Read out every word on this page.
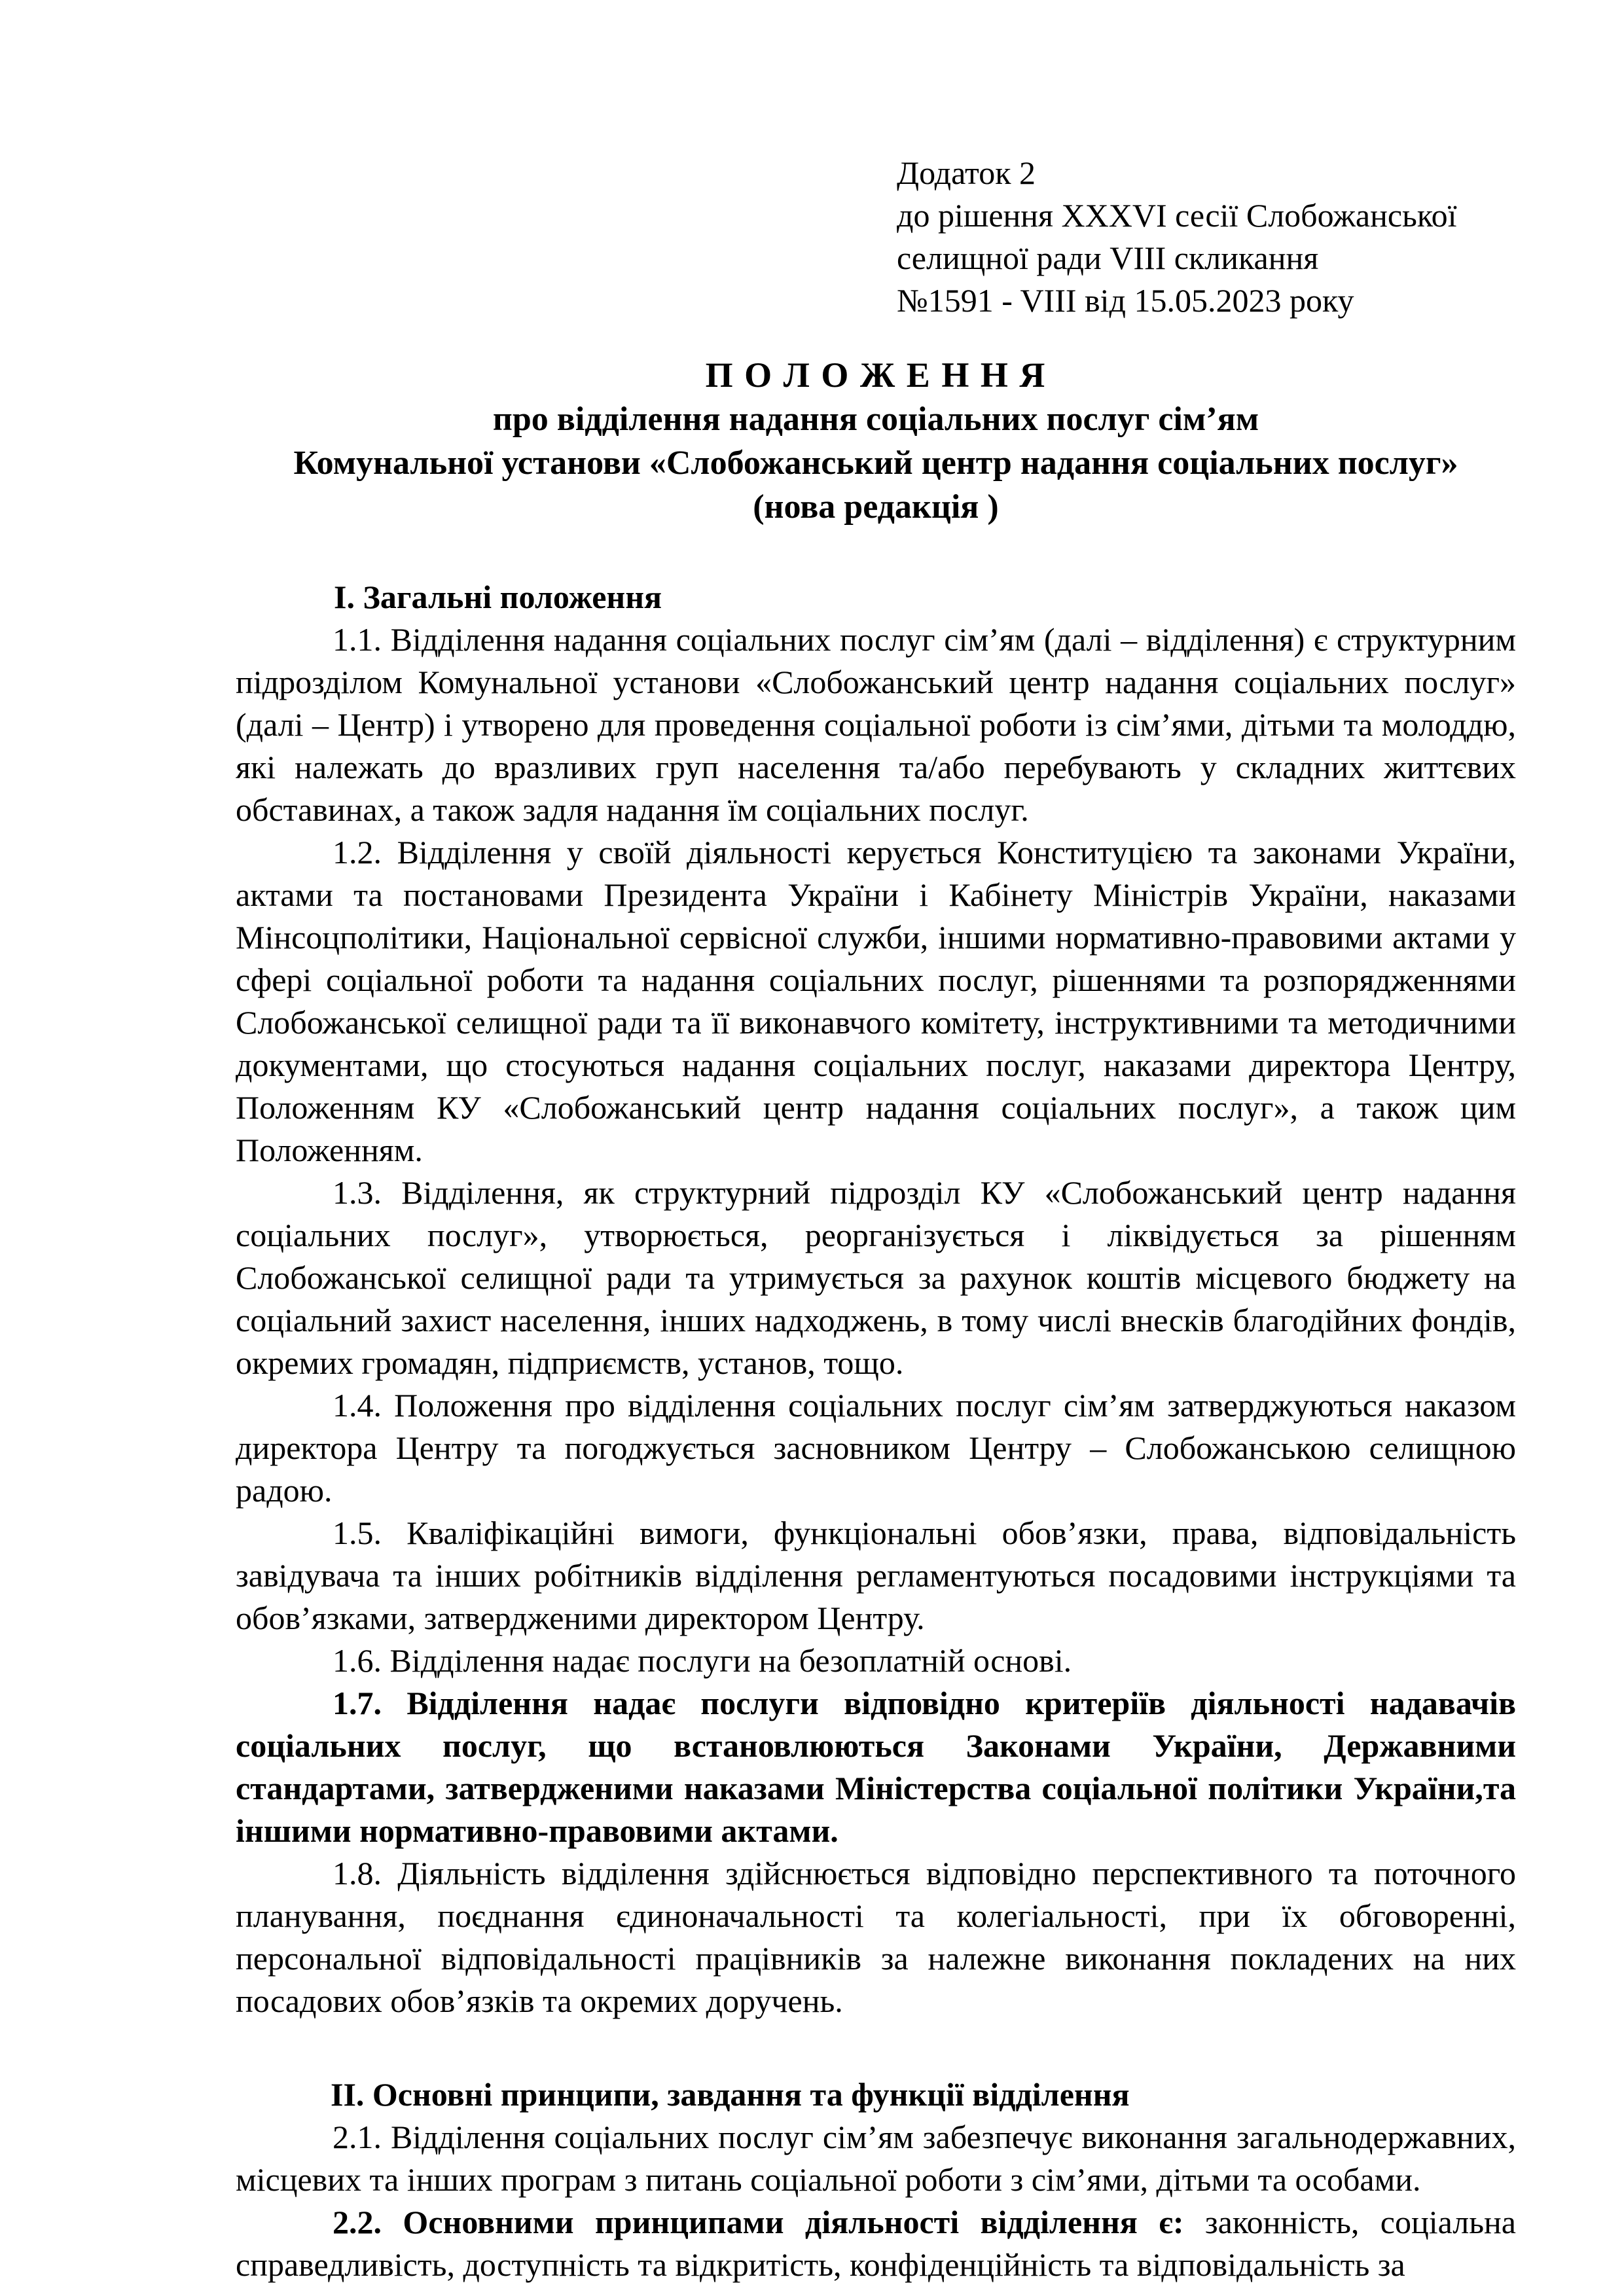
Додаток 2
до рішення XXXVI сесії Слобожанської
селищної ради VIII скликання
№1591 - VIII від 15.05.2023 року
П О Л О Ж Е Н Н Я
про відділення надання соціальних послуг сім’ям
Комунальної установи «Слобожанський центр надання соціальних послуг»
(нова редакція )
I. Загальні положення

1.1. Відділення надання соціальних послуг сім’ям (далі – відділення) є структурним підрозділом Комунальної установи «Слобожанський центр надання соціальних послуг» (далі – Центр) і утворено для проведення соціальної роботи із сім’ями, дітьми та молоддю, які належать до вразливих груп населення та/або перебувають у складних життєвих обставинах, а також задля надання їм соціальних послуг.

1.2. Відділення у своїй діяльності керується Конституцією та законами України, актами та постановами Президента України і Кабінету Міністрів України, наказами Мінсоцполітики, Національної сервісної служби, іншими нормативно-правовими актами у сфері соціальної роботи та надання соціальних послуг, рішеннями та розпорядженнями Слобожанської селищної ради та її виконавчого комітету, інструктивними та методичними документами, що стосуються надання соціальних послуг, наказами директора Центру, Положенням КУ «Слобожанський центр надання соціальних послуг», а також цим Положенням.

1.3. Відділення, як структурний підрозділ КУ «Слобожанський центр надання соціальних послуг», утворюється, реорганізується і ліквідується за рішенням Слобожанської селищної ради та утримується за рахунок коштів місцевого бюджету на соціальний захист населення, інших надходжень, в тому числі внесків благодійних фондів, окремих громадян, підприємств, установ, тощо.

1.4. Положення про відділення соціальних послуг сім’ям затверджуються наказом директора Центру та погоджується засновником Центру – Слобожанською селищною радою.

1.5. Кваліфікаційні вимоги, функціональні обов’язки, права, відповідальність завідувача та інших робітників відділення регламентуються посадовими інструкціями та обов’язками, затвердженими директором Центру.

1.6. Відділення надає послуги на безоплатній основі.

1.7. Відділення надає послуги відповідно критеріїв діяльності надавачів соціальних послуг, що встановлюються Законами України, Державними стандартами, затвердженими наказами Міністерства соціальної політики України,та іншими нормативно-правовими актами.

1.8. Діяльність відділення здійснюється відповідно перспективного та поточного планування, поєднання єдиноначальності та колегіальності, при їх обговоренні, персональної відповідальності працівників за належне виконання покладених на них посадових обов’язків та окремих доручень.

II. Основні принципи, завдання та функції відділення

2.1. Відділення соціальних послуг сім’ям забезпечує виконання загальнодержавних, місцевих та інших програм з питань соціальної роботи з сім’ями, дітьми та особами.

2.2. Основними принципами діяльності відділення є: законність, соціальна справедливість, доступність та відкритість, конфіденційність та відповідальність за
